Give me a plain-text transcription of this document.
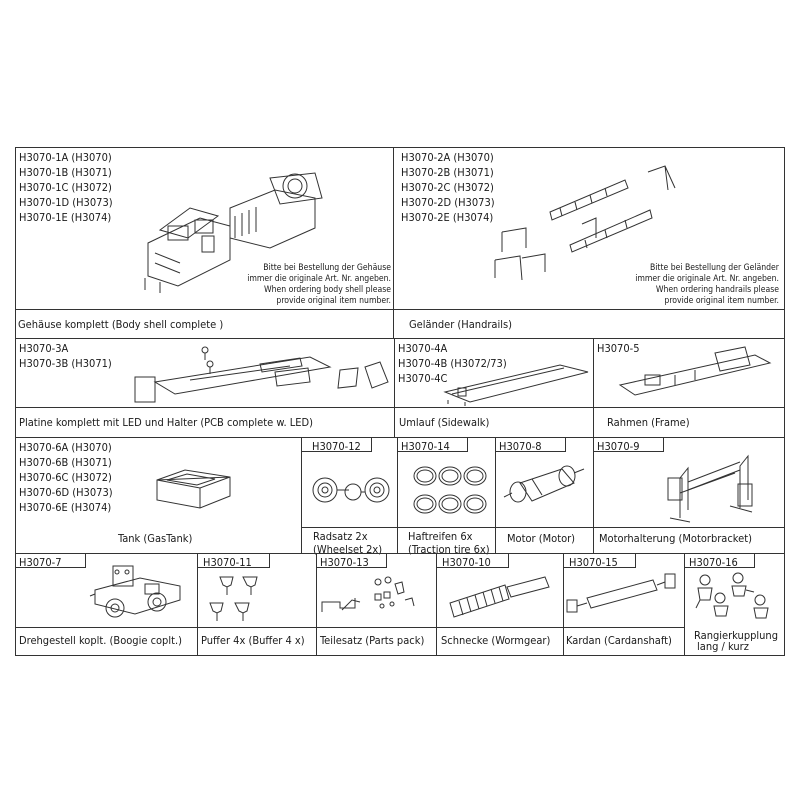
H3070-1A (H3070)
H3070-1B (H3071)
H3070-1C (H3072)
H3070-1D (H3073)
H3070-1E (H3074)
Bitte bei Bestellung der Gehäuse
immer die originale Art. Nr. angeben.
When ordering body shell please
provide original item number.
H3070-2A (H3070)
H3070-2B (H3071)
H3070-2C (H3072)
H3070-2D (H3073)
H3070-2E (H3074)
Bitte bei Bestellung der Geländer
immer die originale Art. Nr. angeben.
When ordering handrails please
provide original item number.
Gehäuse komplett (Body shell complete )	Geländer (Handrails)
H3070-3A
H3070-3B (H3071)
Platine komplett mit LED und Halter (PCB complete w. LED)
H3070-4A
H3070-4B (H3072/73)
H3070-4C
Umlauf (Sidewalk)
H3070-5
Rahmen (Frame)
H3070-6A (H3070)
H3070-6B (H3071)
H3070-6C (H3072)
H3070-6D (H3073)
H3070-6E (H3074)
Tank (GasTank)
H3070-12
Radsatz 2x
(Wheelset 2x)
H3070-14
Haftreifen 6x
(Traction tire 6x)
H3070-8
Motor (Motor)
H3070-9
Motorhalterung (Motorbracket)
H3070-7
Drehgestell koplt. (Boogie coplt.)
H3070-11
Puffer 4x (Buffer 4 x)
H3070-13
Teilesatz (Parts pack)
H3070-10
Schnecke (Wormgear)
H3070-15
Kardan (Cardanshaft)
H3070-16
Rangierkupplung
lang / kurz
